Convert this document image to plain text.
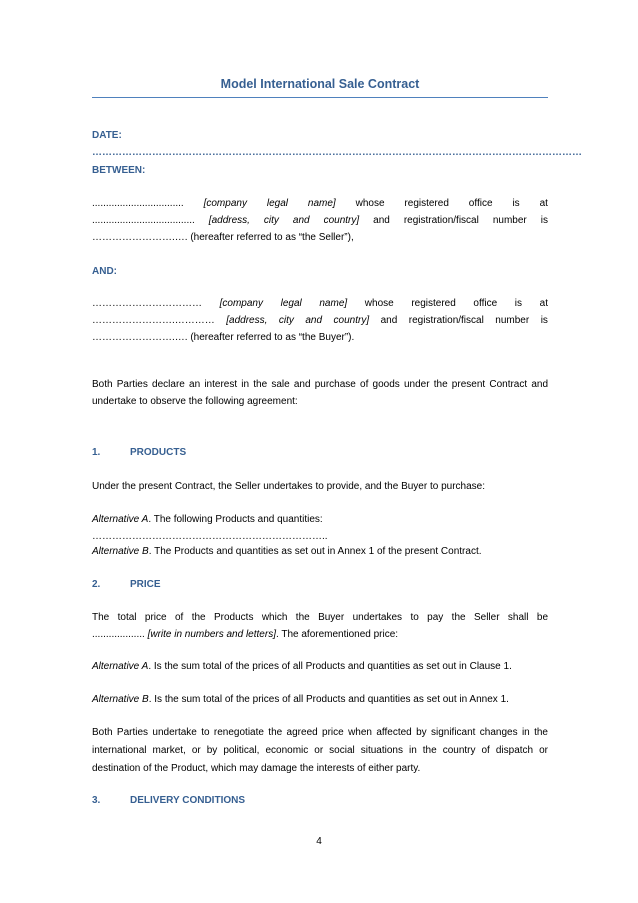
Model International Sale Contract
DATE: …………………………………………………………………………………………………………………………………
BETWEEN:
................................. [company legal name] whose registered office is at
..................................... [address, city and country] and registration/fiscal number is
…………………….…. (hereafter referred to as “the Seller”),
AND:
…………………………… [company legal name] whose registered office is at
…………………….………… [address, city and country] and registration/fiscal number is
…………………….…. (hereafter referred to as “the Buyer”).
Both Parties declare an interest in the sale and purchase of goods under the present Contract and undertake to observe the following agreement:
1.	PRODUCTS
Under the present Contract, the Seller undertakes to provide, and the Buyer to purchase:
Alternative A. The following Products and quantities: ……………………………………………………………..
Alternative B. The Products and quantities as set out in Annex 1 of the present Contract.
2.	PRICE
The total price of the Products which the Buyer undertakes to pay the Seller shall be
................... [write in numbers and letters]. The aforementioned price:
Alternative A. Is the sum total of the prices of all Products and quantities as set out in Clause 1.
Alternative B. Is the sum total of the prices of all Products and quantities as set out in Annex 1.
Both Parties undertake to renegotiate the agreed price when affected by significant changes in the international market, or by political, economic or social situations in the country of dispatch or destination of the Product, which may damage the interests of either party.
3.	DELIVERY CONDITIONS
4
